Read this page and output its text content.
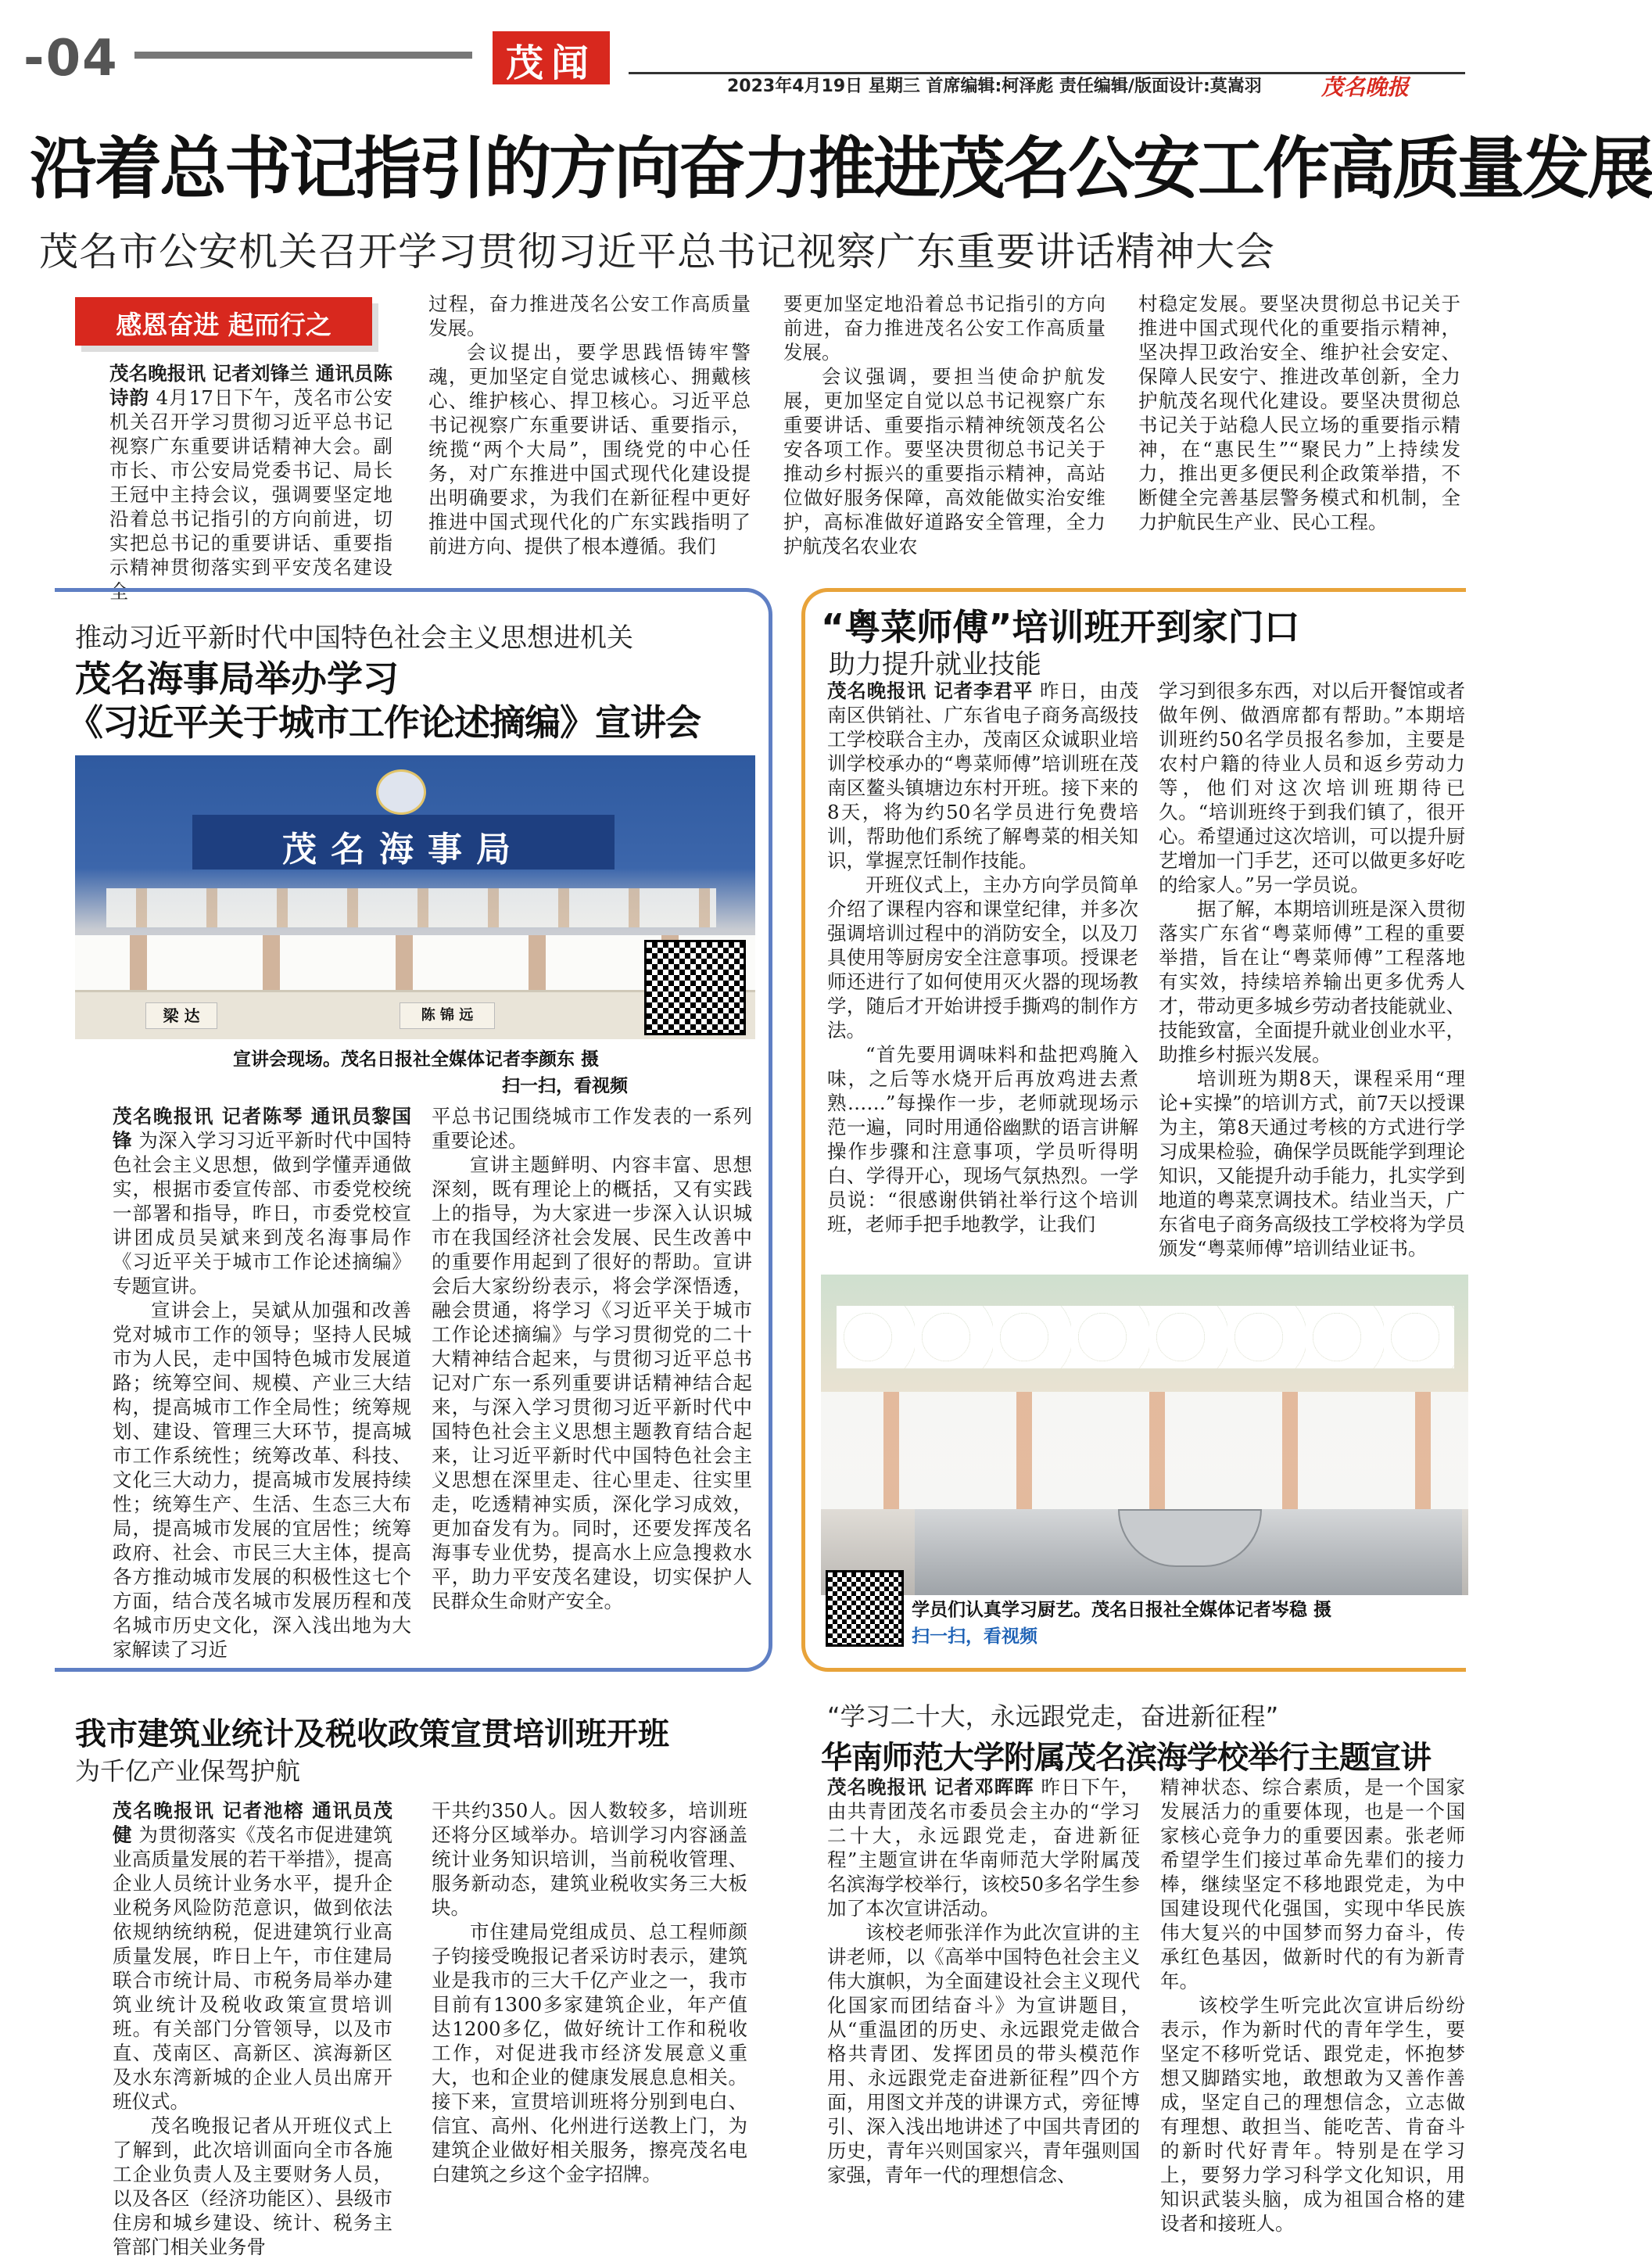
-04	茂闻
2023年4月19日 星期三 首席编辑:柯泽彪 责任编辑/版面设计:莫嵩羽	茂名晚报
沿着总书记指引的方向奋力推进茂名公安工作高质量发展
茂名市公安机关召开学习贯彻习近平总书记视察广东重要讲话精神大会
感恩奋进 起而行之

茂名晚报讯 记者刘锋兰 通讯员陈诗韵 4月17日下午，茂名市公安机关召开学习贯彻习近平总书记视察广东重要讲话精神大会。副市长、市公安局党委书记、局长王冠中主持会议，强调要坚定地沿着总书记指引的方向前进，切实把总书记的重要讲话、重要指示精神贯彻落实到平安茂名建设全

过程，奋力推进茂名公安工作高质量发展。

会议提出，要学思践悟铸牢警魂，更加坚定自觉忠诚核心、拥戴核心、维护核心、捍卫核心。习近平总书记视察广东重要讲话、重要指示，统揽“两个大局”，围绕党的中心任务，对广东推进中国式现代化建设提出明确要求，为我们在新征程中更好推进中国式现代化的广东实践指明了前进方向、提供了根本遵循。我们

要更加坚定地沿着总书记指引的方向前进，奋力推进茂名公安工作高质量发展。

会议强调，要担当使命护航发展，更加坚定自觉以总书记视察广东重要讲话、重要指示精神统领茂名公安各项工作。要坚决贯彻总书记关于推动乡村振兴的重要指示精神，高站位做好服务保障，高效能做实治安维护，高标准做好道路安全管理，全力护航茂名农业农

村稳定发展。要坚决贯彻总书记关于推进中国式现代化的重要指示精神，坚决捍卫政治安全、维护社会安定、保障人民安宁、推进改革创新，全力护航茂名现代化建设。要坚决贯彻总书记关于站稳人民立场的重要指示精神，在“惠民生”“聚民力”上持续发力，推出更多便民利企政策举措，不断健全完善基层警务模式和机制，全力护航民生产业、民心工程。

推动习近平新时代中国特色社会主义思想进机关
茂名海事局举办学习
《习近平关于城市工作论述摘编》宣讲会
茂名海事局
梁 达	陈 锦 远
宣讲会现场。茂名日报社全媒体记者李颜东 摄
扫一扫，看视频

茂名晚报讯 记者陈琴 通讯员黎国锋 为深入学习习近平新时代中国特色社会主义思想，做到学懂弄通做实，根据市委宣传部、市委党校统一部署和指导，昨日，市委党校宣讲团成员吴斌来到茂名海事局作《习近平关于城市工作论述摘编》专题宣讲。

宣讲会上，吴斌从加强和改善党对城市工作的领导；坚持人民城市为人民，走中国特色城市发展道路；统筹空间、规模、产业三大结构，提高城市工作全局性；统筹规划、建设、管理三大环节，提高城市工作系统性；统筹改革、科技、文化三大动力，提高城市发展持续性；统筹生产、生活、生态三大布局，提高城市发展的宜居性；统筹政府、社会、市民三大主体，提高各方推动城市发展的积极性这七个方面，结合茂名城市发展历程和茂名城市历史文化，深入浅出地为大家解读了习近

平总书记围绕城市工作发表的一系列重要论述。

宣讲主题鲜明、内容丰富、思想深刻，既有理论上的概括，又有实践上的指导，为大家进一步深入认识城市在我国经济社会发展、民生改善中的重要作用起到了很好的帮助。宣讲会后大家纷纷表示，将会学深悟透，融会贯通，将学习《习近平关于城市工作论述摘编》与学习贯彻党的二十大精神结合起来，与贯彻习近平总书记对广东一系列重要讲话精神结合起来，与深入学习贯彻习近平新时代中国特色社会主义思想主题教育结合起来，让习近平新时代中国特色社会主义思想在深里走、往心里走、往实里走，吃透精神实质，深化学习成效，更加奋发有为。同时，还要发挥茂名海事专业优势，提高水上应急搜救水平，助力平安茂名建设，切实保护人民群众生命财产安全。

“粤菜师傅”培训班开到家门口
助力提升就业技能

茂名晚报讯 记者李君平 昨日，由茂南区供销社、广东省电子商务高级技工学校联合主办，茂南区众诚职业培训学校承办的“粤菜师傅”培训班在茂南区鳌头镇塘边东村开班。接下来的8天，将为约50名学员进行免费培训，帮助他们系统了解粤菜的相关知识，掌握烹饪制作技能。

开班仪式上，主办方向学员简单介绍了课程内容和课堂纪律，并多次强调培训过程中的消防安全，以及刀具使用等厨房安全注意事项。授课老师还进行了如何使用灭火器的现场教学，随后才开始讲授手撕鸡的制作方法。

“首先要用调味料和盐把鸡腌入味，之后等水烧开后再放鸡进去煮熟……”每操作一步，老师就现场示范一遍，同时用通俗幽默的语言讲解操作步骤和注意事项，学员听得明白、学得开心，现场气氛热烈。一学员说：“很感谢供销社举行这个培训班，老师手把手地教学，让我们

学习到很多东西，对以后开餐馆或者做年例、做酒席都有帮助。”本期培训班约50名学员报名参加，主要是农村户籍的待业人员和返乡劳动力等，他们对这次培训班期待已久。“培训班终于到我们镇了，很开心。希望通过这次培训，可以提升厨艺增加一门手艺，还可以做更多好吃的给家人。”另一学员说。

据了解，本期培训班是深入贯彻落实广东省“粤菜师傅”工程的重要举措，旨在让“粤菜师傅”工程落地有实效，持续培养输出更多优秀人才，带动更多城乡劳动者技能就业、技能致富，全面提升就业创业水平，助推乡村振兴发展。

培训班为期8天，课程采用“理论+实操”的培训方式，前7天以授课为主，第8天通过考核的方式进行学习成果检验，确保学员既能学到理论知识，又能提升动手能力，扎实学到地道的粤菜烹调技术。结业当天，广东省电子商务高级技工学校将为学员颁发“粤菜师傅”培训结业证书。

学员们认真学习厨艺。茂名日报社全媒体记者岑稳 摄
扫一扫，看视频
我市建筑业统计及税收政策宣贯培训班开班
为千亿产业保驾护航

茂名晚报讯 记者池榕 通讯员茂健 为贯彻落实《茂名市促进建筑业高质量发展的若干举措》，提高企业人员统计业务水平，提升企业税务风险防范意识，做到依法依规纳统纳税，促进建筑行业高质量发展，昨日上午，市住建局联合市统计局、市税务局举办建筑业统计及税收政策宣贯培训班。有关部门分管领导，以及市直、茂南区、高新区、滨海新区及水东湾新城的企业人员出席开班仪式。

茂名晚报记者从开班仪式上了解到，此次培训面向全市各施工企业负责人及主要财务人员，以及各区（经济功能区）、县级市住房和城乡建设、统计、税务主管部门相关业务骨

干共约350人。因人数较多，培训班还将分区域举办。培训学习内容涵盖统计业务知识培训，当前税收管理、服务新动态，建筑业税收实务三大板块。

市住建局党组成员、总工程师颜子钧接受晚报记者采访时表示，建筑业是我市的三大千亿产业之一，我市目前有1300多家建筑企业，年产值达1200多亿，做好统计工作和税收工作，对促进我市经济发展意义重大，也和企业的健康发展息息相关。接下来，宣贯培训班将分别到电白、信宜、高州、化州进行送教上门，为建筑企业做好相关服务，擦亮茂名电白建筑之乡这个金字招牌。

“学习二十大，永远跟党走，奋进新征程”
华南师范大学附属茂名滨海学校举行主题宣讲

茂名晚报讯 记者邓晖晖 昨日下午，由共青团茂名市委员会主办的“学习二十大，永远跟党走，奋进新征程”主题宣讲在华南师范大学附属茂名滨海学校举行，该校50多名学生参加了本次宣讲活动。

该校老师张洋作为此次宣讲的主讲老师，以《高举中国特色社会主义伟大旗帜，为全面建设社会主义现代化国家而团结奋斗》为宣讲题目，从“重温团的历史、永远跟党走做合格共青团、发挥团员的带头模范作用、永远跟党走奋进新征程”四个方面，用图文并茂的讲课方式，旁征博引、深入浅出地讲述了中国共青团的历史，青年兴则国家兴，青年强则国家强，青年一代的理想信念、

精神状态、综合素质，是一个国家发展活力的重要体现，也是一个国家核心竞争力的重要因素。张老师希望学生们接过革命先辈们的接力棒，继续坚定不移地跟党走，为中国建设现代化强国，实现中华民族伟大复兴的中国梦而努力奋斗，传承红色基因，做新时代的有为新青年。

该校学生听完此次宣讲后纷纷表示，作为新时代的青年学生，要坚定不移听党话、跟党走，怀抱梦想又脚踏实地，敢想敢为又善作善成，坚定自己的理想信念，立志做有理想、敢担当、能吃苦、肯奋斗的新时代好青年。特别是在学习上，要努力学习科学文化知识，用知识武装头脑，成为祖国合格的建设者和接班人。
